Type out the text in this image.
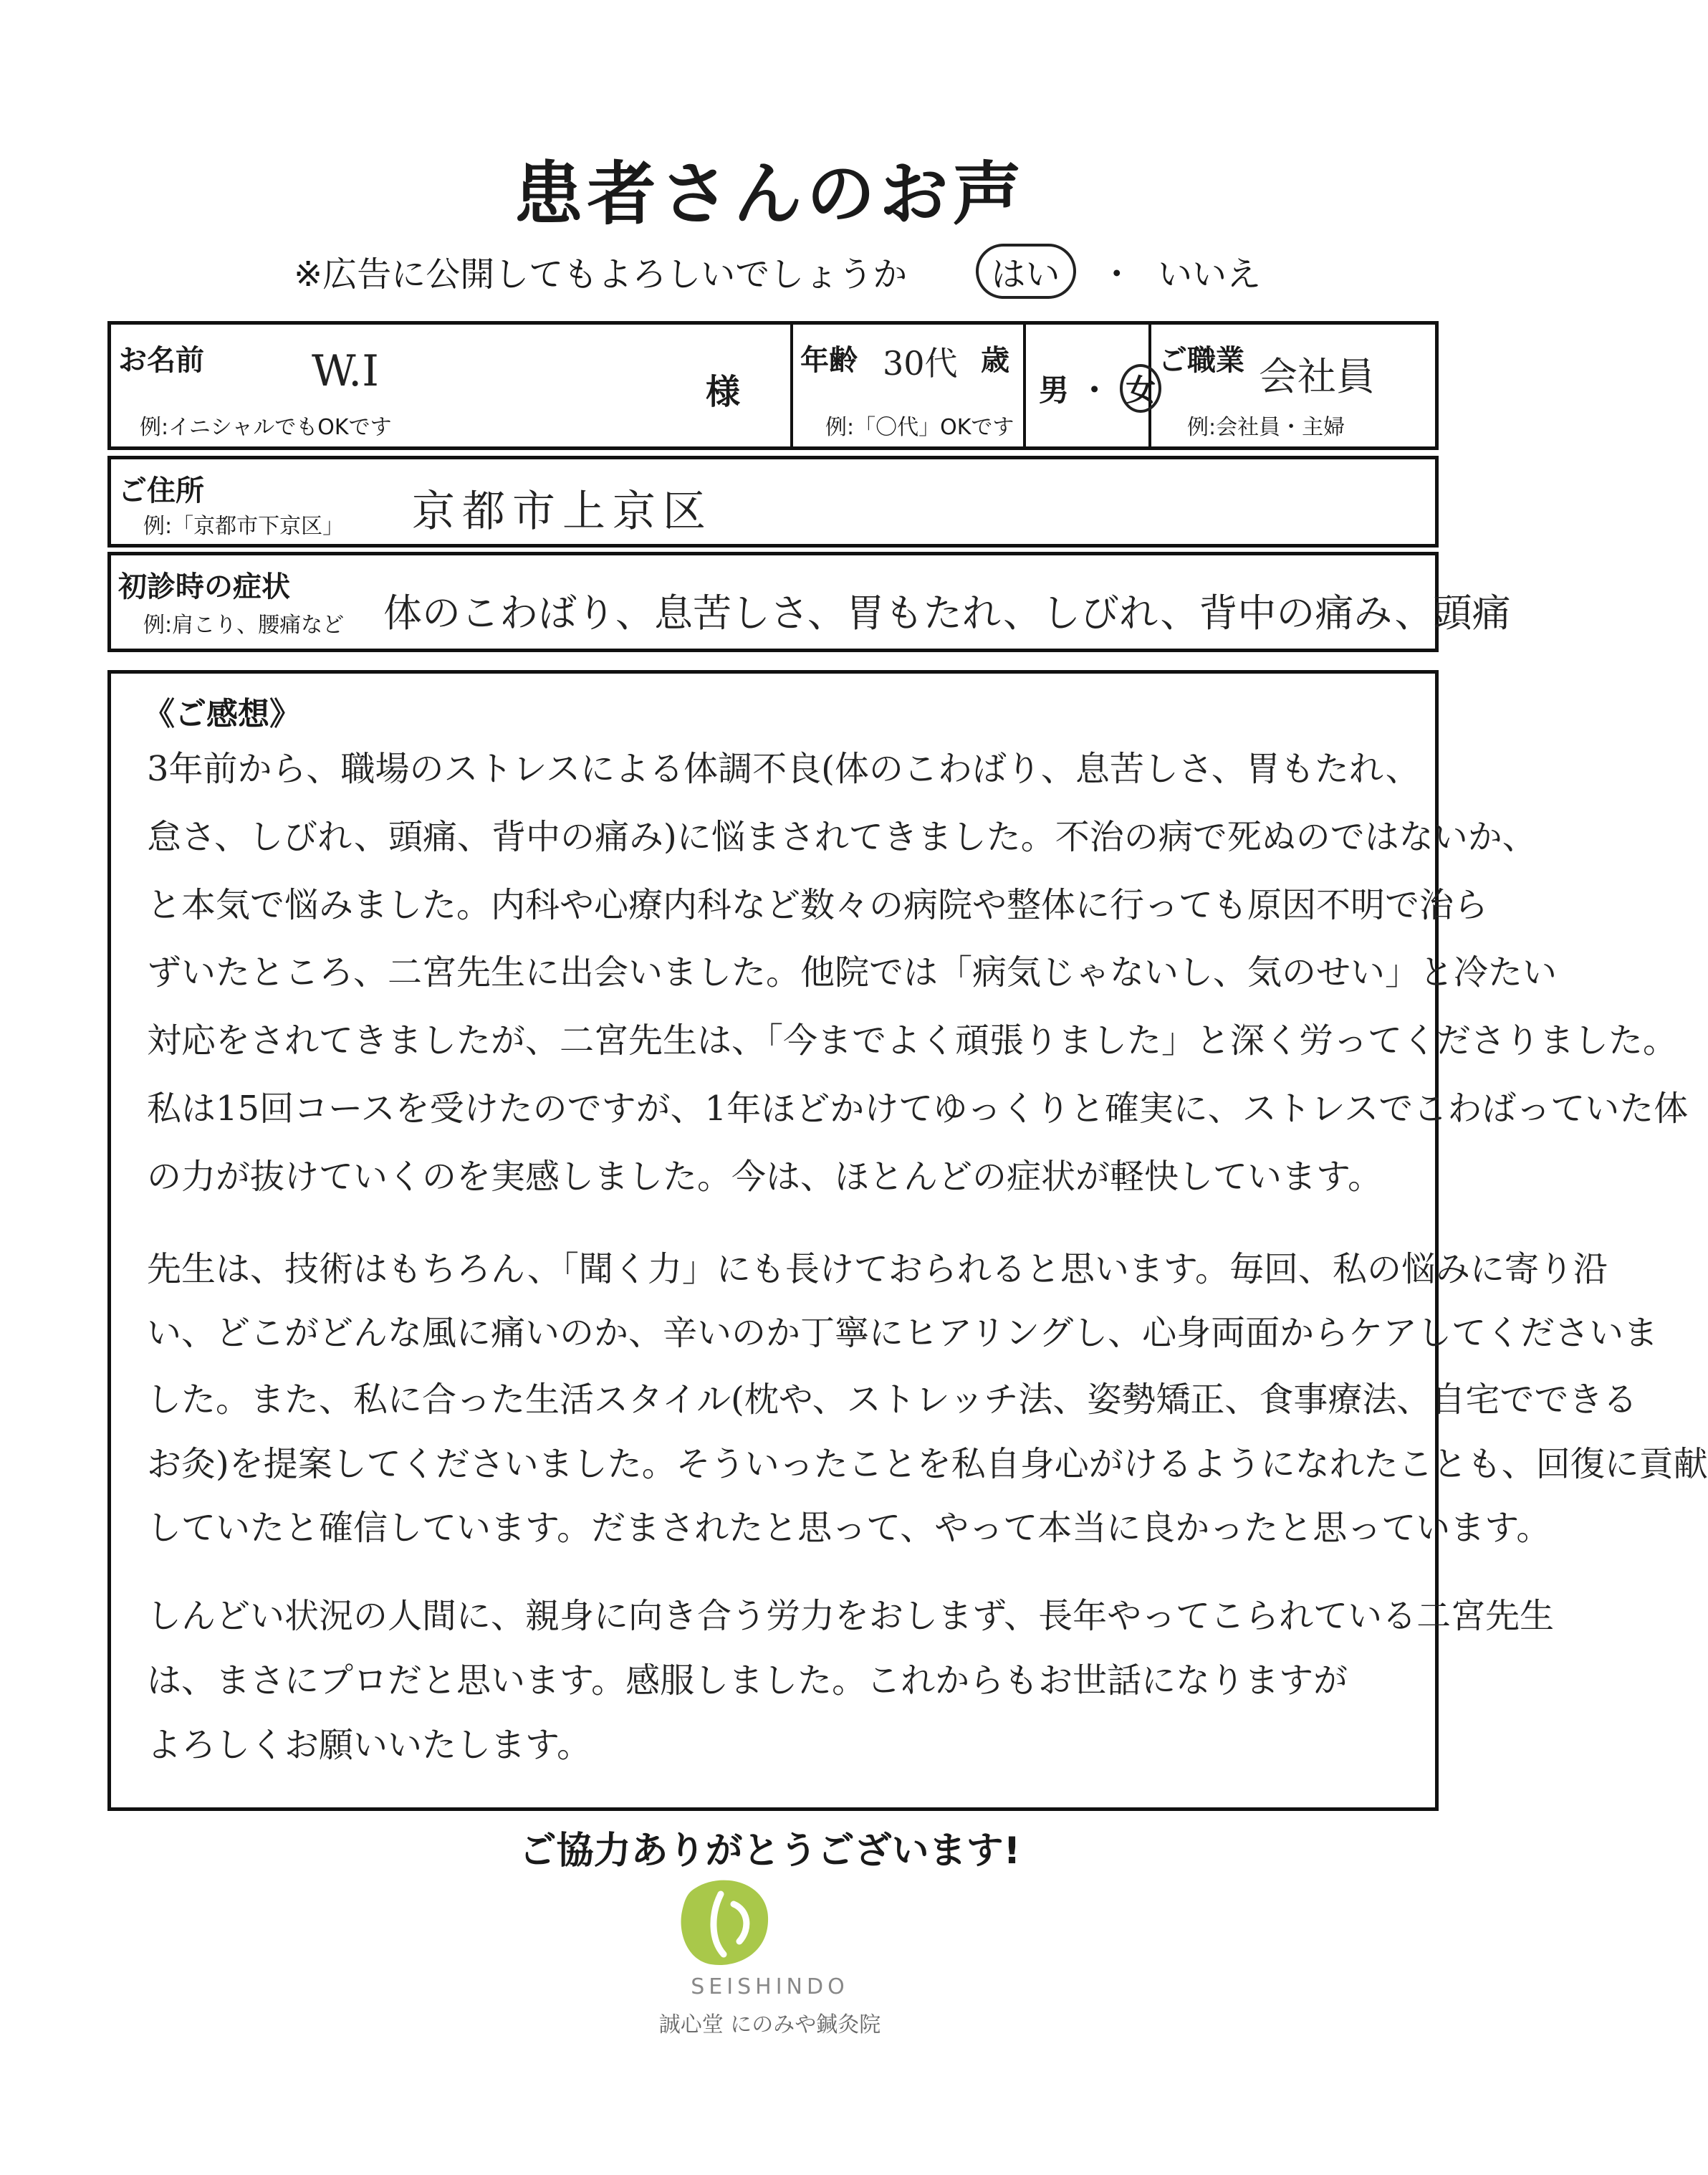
患者さんのお声
※広告に公開してもよろしいでしょうか はい ・ いいえ
お名前	W.I	様
例:イニシャルでもOKです
年齢 30代 歳
例:「〇代」OKです
男 ・ 女
ご職業 会社員
例:会社員・主婦
ご住所
例:「京都市下京区」 京都市上京区
初診時の症状
例:肩こり、腰痛など 体のこわばり、息苦しさ、胃もたれ、しびれ、背中の痛み、頭痛
《ご感想》
3年前から、職場のストレスによる体調不良(体のこわばり、息苦しさ、胃もたれ、
怠さ、しびれ、頭痛、背中の痛み)に悩まされてきました。不治の病で死ぬのではないか、
と本気で悩みました。内科や心療内科など数々の病院や整体に行っても原因不明で治ら
ずいたところ、二宮先生に出会いました。他院では「病気じゃないし、気のせい」と冷たい
対応をされてきましたが、二宮先生は、「今までよく頑張りました」と深く労ってくださりました。
私は15回コースを受けたのですが、1年ほどかけてゆっくりと確実に、ストレスでこわばっていた体
の力が抜けていくのを実感しました。今は、ほとんどの症状が軽快しています。
先生は、技術はもちろん、「聞く力」にも長けておられると思います。毎回、私の悩みに寄り沿
い、どこがどんな風に痛いのか、辛いのか丁寧にヒアリングし、心身両面からケアしてくださいま
した。また、私に合った生活スタイル(枕や、ストレッチ法、姿勢矯正、食事療法、自宅でできる
お灸)を提案してくださいました。そういったことを私自身心がけるようになれたことも、回復に貢献
していたと確信しています。だまされたと思って、やって本当に良かったと思っています。
しんどい状況の人間に、親身に向き合う労力をおしまず、長年やってこられている二宮先生
は、まさにプロだと思います。感服しました。これからもお世話になりますが
よろしくお願いいたします。
ご協力ありがとうございます!
SEISHINDO
誠心堂 にのみや鍼灸院
